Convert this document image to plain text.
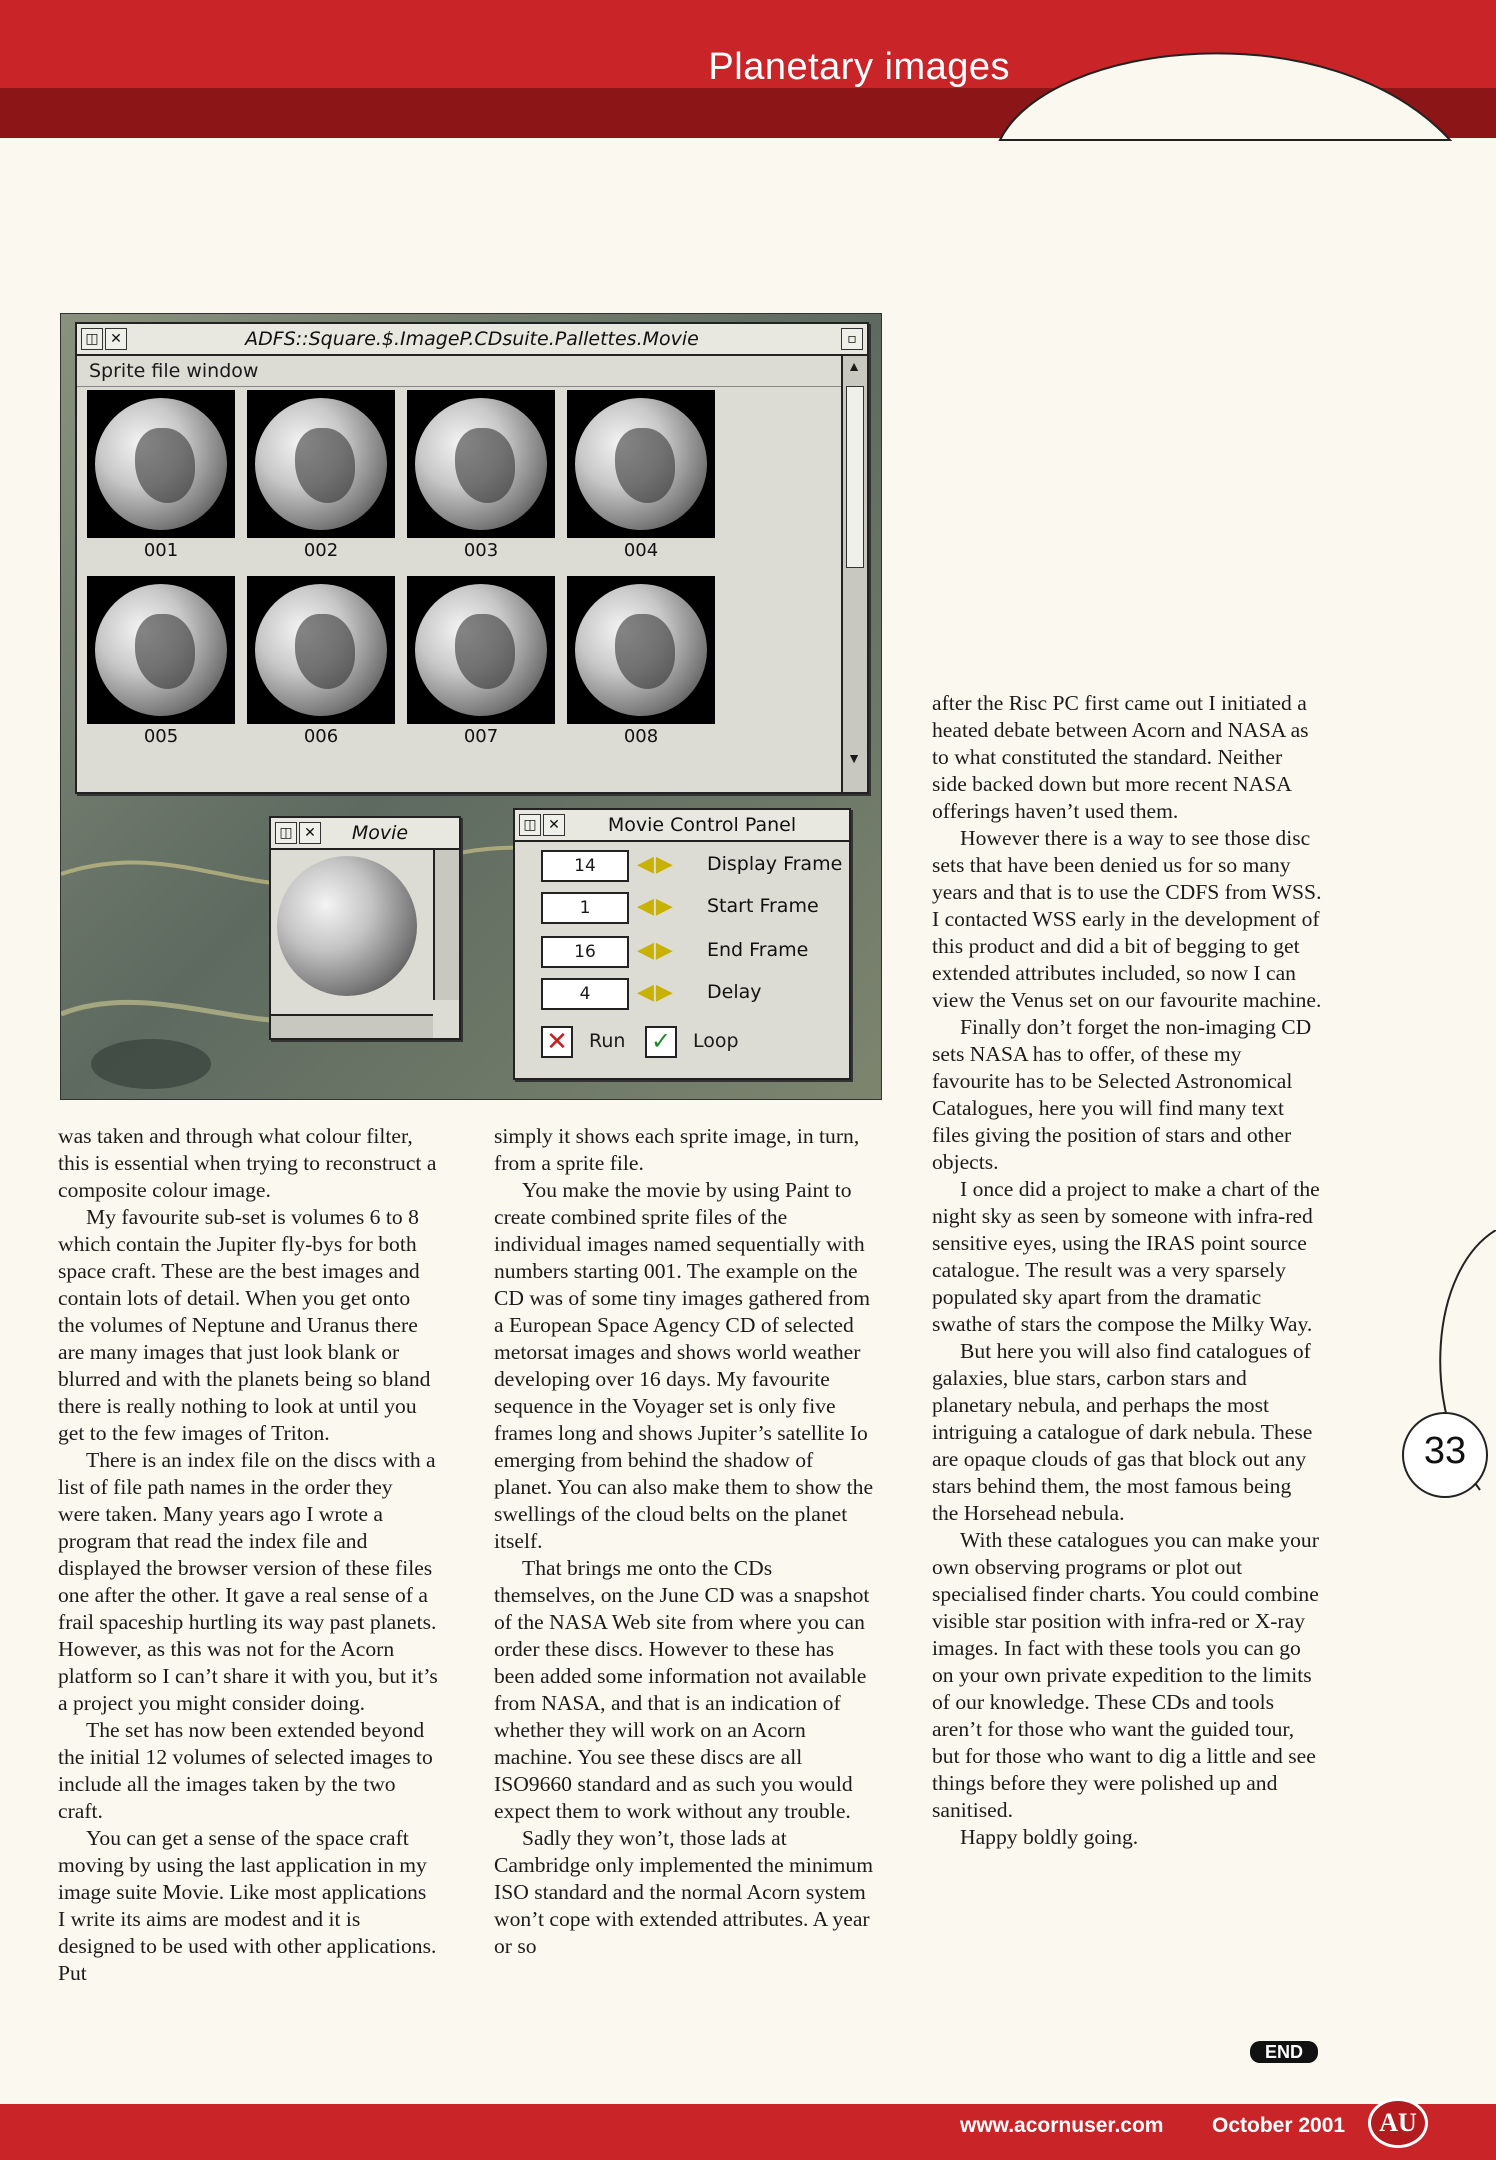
Planetary images
◫ ✕	ADFS::Square.$.ImageP.CDsuite.Pallettes.Movie	▫
Sprite file window
001	002	003	004
005	006	007	008
▲
▼
◫ ✕ Movie	◫ ✕	Movie Control Panel
14	◀▶	Display Frame
1	◀▶	Start Frame
16	◀▶	End Frame
4	◀▶	Delay
✕ Run ✓	Loop

was taken and through what colour filter, this is essential when trying to reconstruct a composite colour image.

My favourite sub-set is volumes 6 to 8 which contain the Jupiter fly-bys for both space craft. These are the best images and contain lots of detail. When you get onto the volumes of Neptune and Uranus there are many images that just look blank or blurred and with the planets being so bland there is really nothing to look at until you get to the few images of Triton.

There is an index file on the discs with a list of file path names in the order they were taken. Many years ago I wrote a program that read the index file and displayed the browser version of these files one after the other. It gave a real sense of a frail spaceship hurtling its way past planets. However, as this was not for the Acorn platform so I can’t share it with you, but it’s a project you might consider doing.

The set has now been extended beyond the initial 12 volumes of selected images to include all the images taken by the two craft.

You can get a sense of the space craft moving by using the last application in my image suite Movie. Like most applications I write its aims are modest and it is designed to be used with other applications. Put

simply it shows each sprite image, in turn, from a sprite file.

You make the movie by using Paint to create combined sprite files of the individual images named sequentially with numbers starting 001. The example on the CD was of some tiny images gathered from a European Space Agency CD of selected metorsat images and shows world weather developing over 16 days. My favourite sequence in the Voyager set is only five frames long and shows Jupiter’s satellite Io emerging from behind the shadow of planet. You can also make them to show the swellings of the cloud belts on the planet itself.

That brings me onto the CDs themselves, on the June CD was a snapshot of the NASA Web site from where you can order these discs. However to these has been added some information not available from NASA, and that is an indication of whether they will work on an Acorn machine. You see these discs are all ISO9660 standard and as such you would expect them to work without any trouble.

Sadly they won’t, those lads at Cambridge only implemented the minimum ISO standard and the normal Acorn system won’t cope with extended attributes. A year or so

after the Risc PC first came out I initiated a heated debate between Acorn and NASA as to what constituted the standard. Neither side backed down but more recent NASA offerings haven’t used them.

However there is a way to see those disc sets that have been denied us for so many years and that is to use the CDFS from WSS. I contacted WSS early in the development of this product and did a bit of begging to get extended attributes included, so now I can view the Venus set on our favourite machine.

Finally don’t forget the non-imaging CD sets NASA has to offer, of these my favourite has to be Selected Astronomical Catalogues, here you will find many text files giving the position of stars and other objects.

I once did a project to make a chart of the night sky as seen by someone with infra-red sensitive eyes, using the IRAS point source catalogue. The result was a very sparsely populated sky apart from the dramatic swathe of stars the compose the Milky Way.

But here you will also find catalogues of galaxies, blue stars, carbon stars and planetary nebula, and perhaps the most intriguing a catalogue of dark nebula. These are opaque clouds of gas that block out any stars behind them, the most famous being the Horsehead nebula.

With these catalogues you can make your own observing programs or plot out specialised finder charts. You could combine visible star position with infra-red or X-ray images. In fact with these tools you can go on your own private expedition to the limits of our knowledge. These CDs and tools aren’t for those who want the guided tour, but for those who want to dig a little and see things before they were polished up and sanitised.

Happy boldly going.

END
33
www.acornuser.com October 2001	AU
